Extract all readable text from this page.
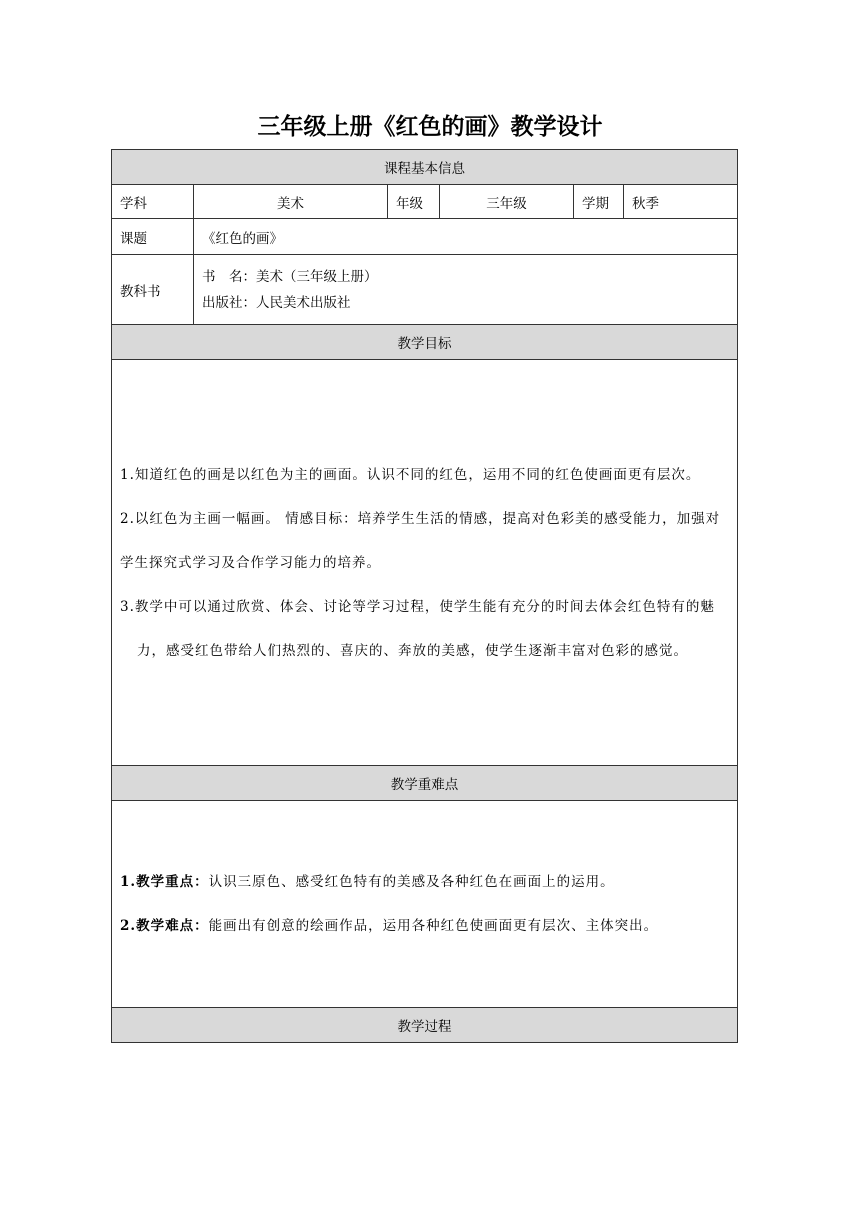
三年级上册《红色的画》教学设计
课程基本信息					
学科	美术	年级	三年级	学期	秋季
课题	《红色的画》				
教科书	书　名：美术（三年级上册）
出版社：人民美术出版社				

教学目标					

1.知道红色的画是以红色为主的画面。认识不同的红色，运用不同的红色使画面更有层次。

2.以红色为主画一幅画。 情感目标：培养学生生活的情感，提高对色彩美的感受能力，加强对学生探究式学习及合作学习能力的培养。

3.教学中可以通过欣赏、体会、讨论等学习过程，使学生能有充分的时间去体会红色特有的魅力，感受红色带给人们热烈的、喜庆的、奔放的美感，使学生逐渐丰富对色彩的感觉。					

教学重难点					

1.教学重点：认识三原色、感受红色特有的美感及各种红色在画面上的运用。

2.教学难点：能画出有创意的绘画作品，运用各种红色使画面更有层次、主体突出。					

教学过程					
